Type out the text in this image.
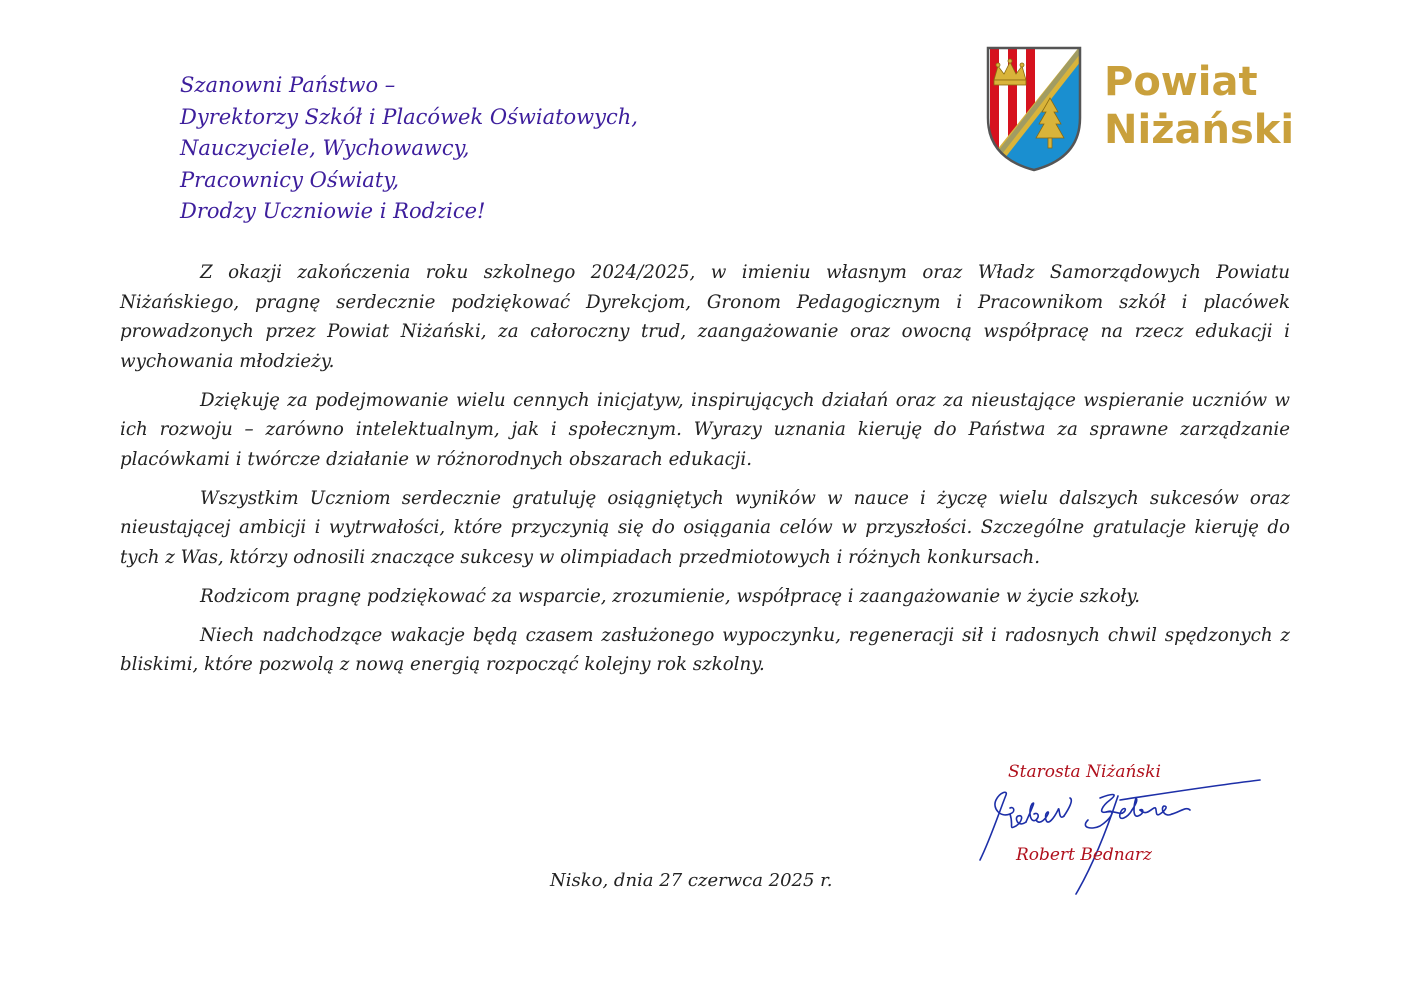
Szanowni Państwo –
Dyrektorzy Szkół i Placówek Oświatowych,
Nauczyciele, Wychowawcy,
Pracownicy Oświaty,
Drodzy Uczniowie i Rodzice!
Powiat
Niżański

Z okazji zakończenia roku szkolnego 2024/2025, w imieniu własnym oraz Władz Samorządowych Powiatu Niżańskiego, pragnę serdecznie podziękować Dyrekcjom, Gronom Pedagogicznym i Pracownikom szkół i placówek prowadzonych przez Powiat Niżański, za całoroczny trud, zaangażowanie oraz owocną współpracę na rzecz edukacji i wychowania młodzieży.

Dziękuję za podejmowanie wielu cennych inicjatyw, inspirujących działań oraz za nieustające wspieranie uczniów w ich rozwoju – zarówno intelektualnym, jak i społecznym. Wyrazy uznania kieruję do Państwa za sprawne zarządzanie placówkami i twórcze działanie w różnorodnych obszarach edukacji.

Wszystkim Uczniom serdecznie gratuluję osiągniętych wyników w nauce i życzę wielu dalszych sukcesów oraz nieustającej ambicji i wytrwałości, które przyczynią się do osiągania celów w przyszłości. Szczególne gratulacje kieruję do tych z Was, którzy odnosili znaczące sukcesy w olimpiadach przedmiotowych i różnych konkursach.

Rodzicom pragnę podziękować za wsparcie, zrozumienie, współpracę i zaangażowanie w życie szkoły.

Niech nadchodzące wakacje będą czasem zasłużonego wypoczynku, regeneracji sił i radosnych chwil spędzonych z bliskimi, które pozwolą z nową energią rozpocząć kolejny rok szkolny.

Nisko, dnia 27 czerwca 2025 r.
Starosta Niżański
Robert Bednarz
